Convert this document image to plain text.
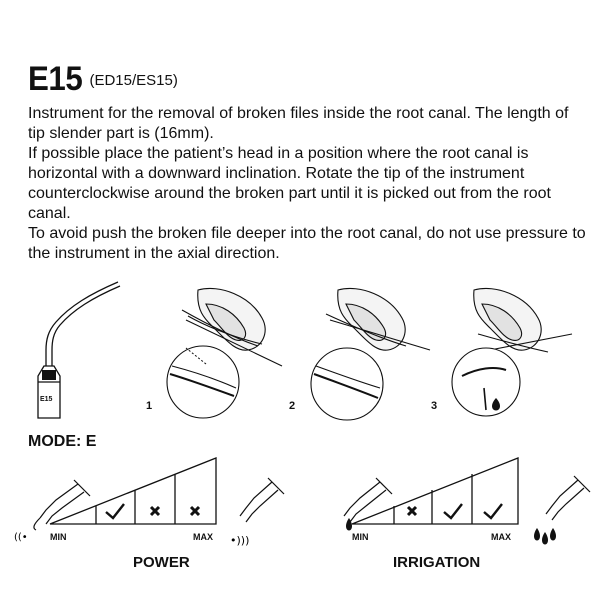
E15 (ED15/ES15)

Instrument for the removal of broken files inside the root canal. The length of tip slender part is (16mm).

If possible place the patient’s head in a position where the root canal is horizontal with a downward inclination. Rotate the tip of the instrument counterclockwise around the broken part until it is picked out from the root canal.

To avoid push the broken file deeper into the root canal, do not use pressure to the instrument in the axial direction.

1	2	3
E15
MODE: E
((•	•)))
MIN	MAX
POWER
MIN	MAX
IRRIGATION
